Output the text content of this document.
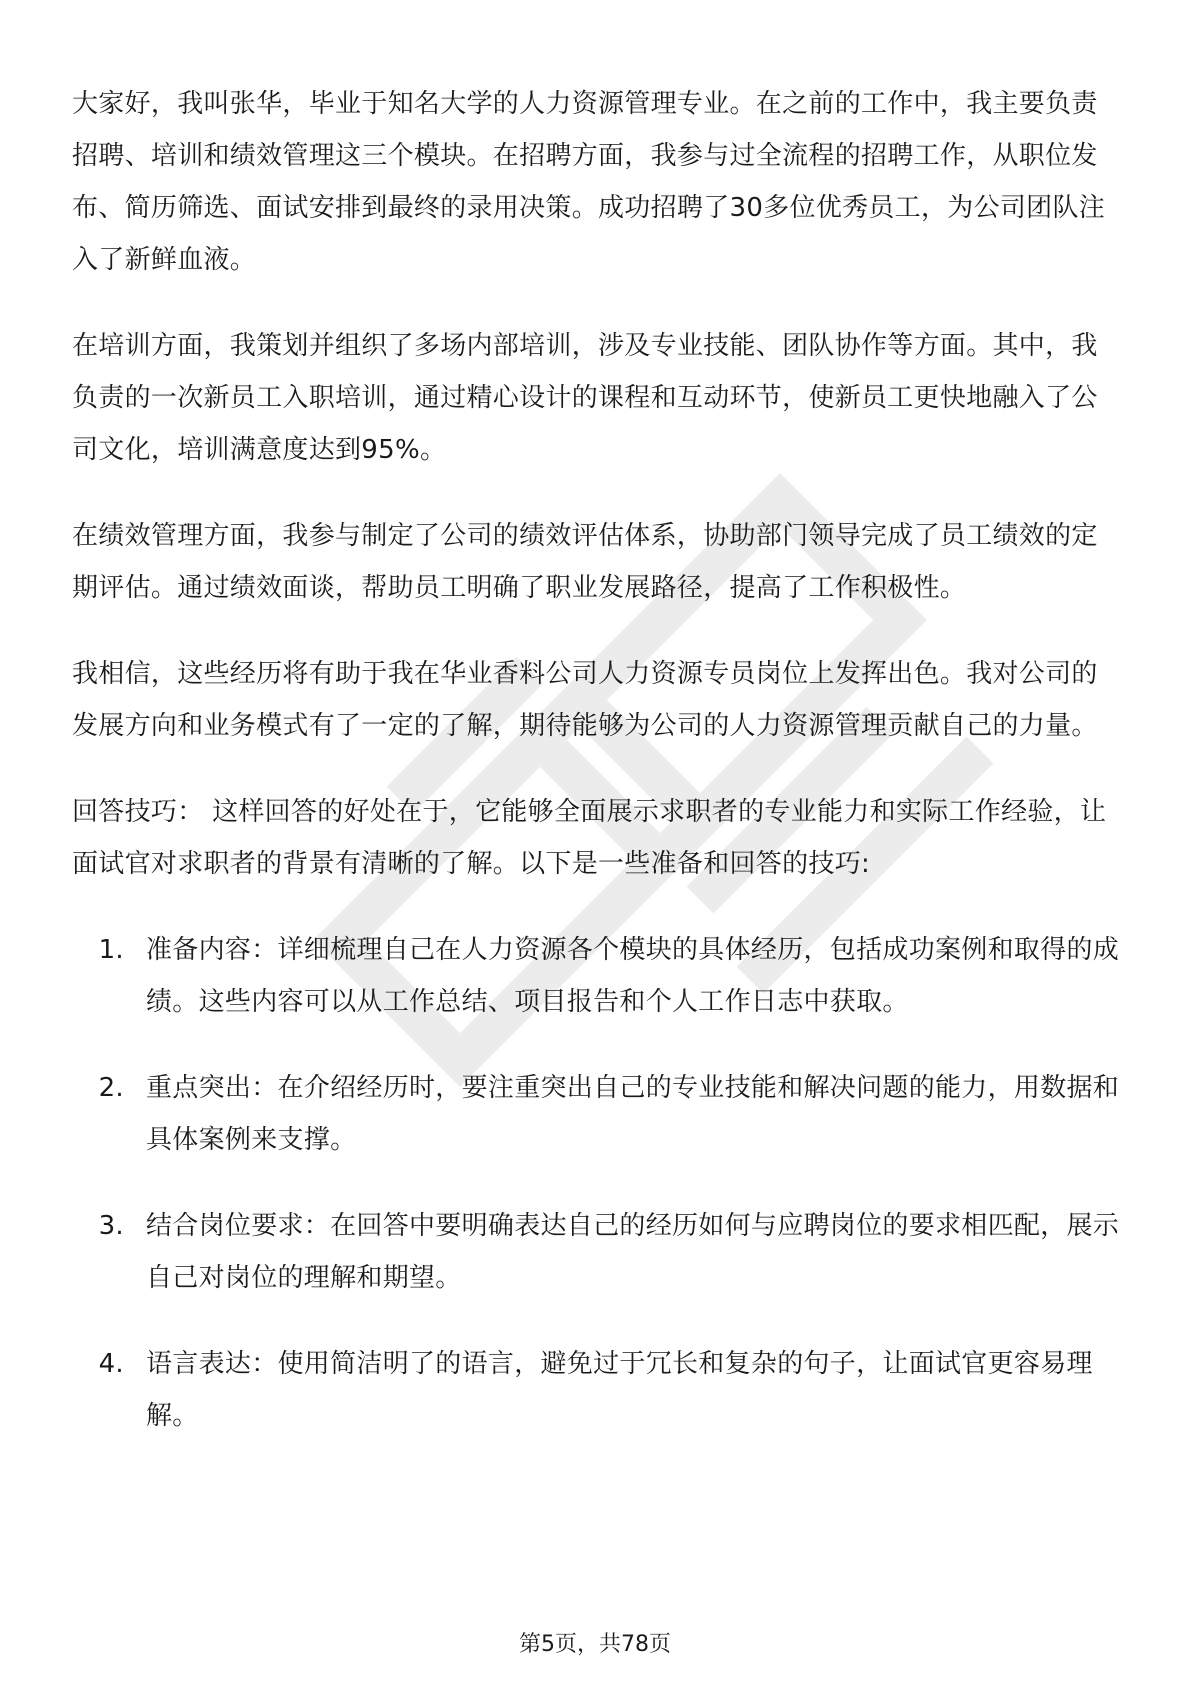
大家好，我叫张华，毕业于知名大学的人力资源管理专业。在之前的工作中，我主要负责招聘、培训和绩效管理这三个模块。在招聘方面，我参与过全流程的招聘工作，从职位发布、简历筛选、面试安排到最终的录用决策。成功招聘了30多位优秀员工，为公司团队注入了新鲜血液。

在培训方面，我策划并组织了多场内部培训，涉及专业技能、团队协作等方面。其中，我负责的一次新员工入职培训，通过精心设计的课程和互动环节，使新员工更快地融入了公司文化，培训满意度达到95%。

在绩效管理方面，我参与制定了公司的绩效评估体系，协助部门领导完成了员工绩效的定期评估。通过绩效面谈，帮助员工明确了职业发展路径，提高了工作积极性。

我相信，这些经历将有助于我在华业香料公司人力资源专员岗位上发挥出色。我对公司的发展方向和业务模式有了一定的了解，期待能够为公司的人力资源管理贡献自己的力量。

回答技巧： 这样回答的好处在于，它能够全面展示求职者的专业能力和实际工作经验，让面试官对求职者的背景有清晰的了解。以下是一些准备和回答的技巧:

1. 准备内容：详细梳理自己在人力资源各个模块的具体经历，包括成功案例和取得的成绩。这些内容可以从工作总结、项目报告和个人工作日志中获取。
2. 重点突出：在介绍经历时，要注重突出自己的专业技能和解决问题的能力，用数据和具体案例来支撑。
3. 结合岗位要求：在回答中要明确表达自己的经历如何与应聘岗位的要求相匹配，展示自己对岗位的理解和期望。
4. 语言表达：使用简洁明了的语言，避免过于冗长和复杂的句子，让面试官更容易理解。
第5页，共78页
